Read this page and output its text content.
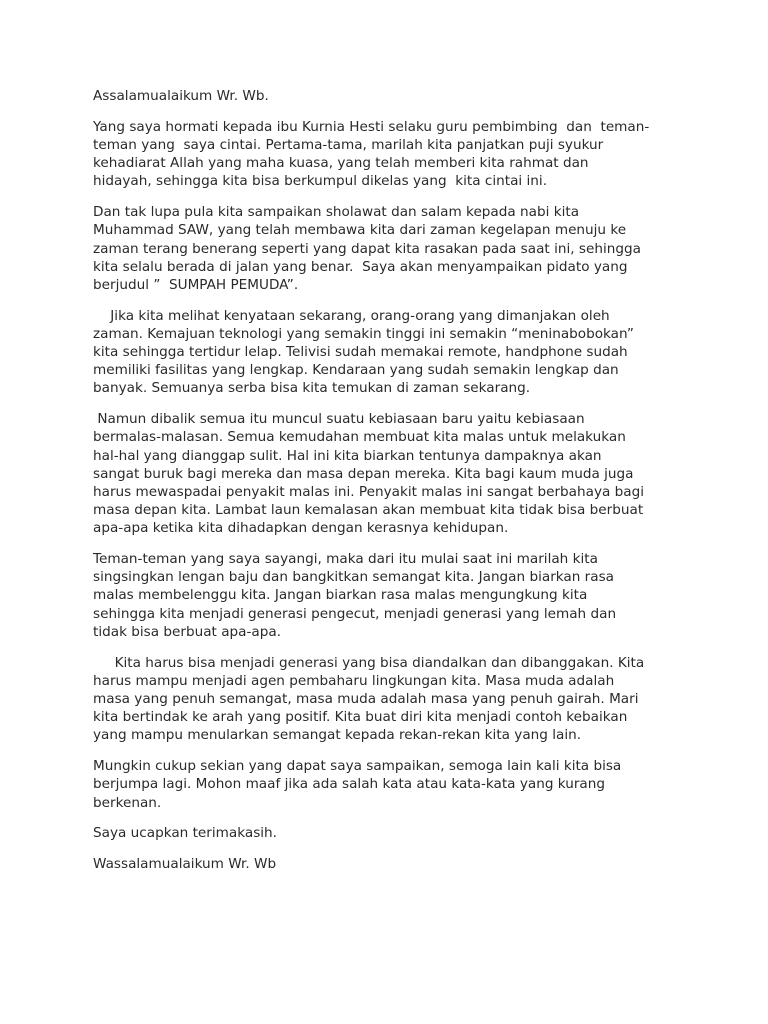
Assalamualaikum Wr. Wb.
Yang saya hormati kepada ibu Kurnia Hesti selaku guru pembimbing  dan  teman-
teman yang  saya cintai. Pertama-tama, marilah kita panjatkan puji syukur
kehadiarat Allah yang maha kuasa, yang telah memberi kita rahmat dan
hidayah, sehingga kita bisa berkumpul dikelas yang  kita cintai ini.
Dan tak lupa pula kita sampaikan sholawat dan salam kepada nabi kita
Muhammad SAW, yang telah membawa kita dari zaman kegelapan menuju ke
zaman terang benerang seperti yang dapat kita rasakan pada saat ini, sehingga
kita selalu berada di jalan yang benar.  Saya akan menyampaikan pidato yang
berjudul ”  SUMPAH PEMUDA”.
Jika kita melihat kenyataan sekarang, orang-orang yang dimanjakan oleh
zaman. Kemajuan teknologi yang semakin tinggi ini semakin “meninabobokan”
kita sehingga tertidur lelap. Telivisi sudah memakai remote, handphone sudah
memiliki fasilitas yang lengkap. Kendaraan yang sudah semakin lengkap dan
banyak. Semuanya serba bisa kita temukan di zaman sekarang.
Namun dibalik semua itu muncul suatu kebiasaan baru yaitu kebiasaan
bermalas-malasan. Semua kemudahan membuat kita malas untuk melakukan
hal-hal yang dianggap sulit. Hal ini kita biarkan tentunya dampaknya akan
sangat buruk bagi mereka dan masa depan mereka. Kita bagi kaum muda juga
harus mewaspadai penyakit malas ini. Penyakit malas ini sangat berbahaya bagi
masa depan kita. Lambat laun kemalasan akan membuat kita tidak bisa berbuat
apa-apa ketika kita dihadapkan dengan kerasnya kehidupan.
Teman-teman yang saya sayangi, maka dari itu mulai saat ini marilah kita
singsingkan lengan baju dan bangkitkan semangat kita. Jangan biarkan rasa
malas membelenggu kita. Jangan biarkan rasa malas mengungkung kita
sehingga kita menjadi generasi pengecut, menjadi generasi yang lemah dan
tidak bisa berbuat apa-apa.
Kita harus bisa menjadi generasi yang bisa diandalkan dan dibanggakan. Kita
harus mampu menjadi agen pembaharu lingkungan kita. Masa muda adalah
masa yang penuh semangat, masa muda adalah masa yang penuh gairah. Mari
kita bertindak ke arah yang positif. Kita buat diri kita menjadi contoh kebaikan
yang mampu menularkan semangat kepada rekan-rekan kita yang lain.
Mungkin cukup sekian yang dapat saya sampaikan, semoga lain kali kita bisa
berjumpa lagi. Mohon maaf jika ada salah kata atau kata-kata yang kurang
berkenan.
Saya ucapkan terimakasih.
Wassalamualaikum Wr. Wb
